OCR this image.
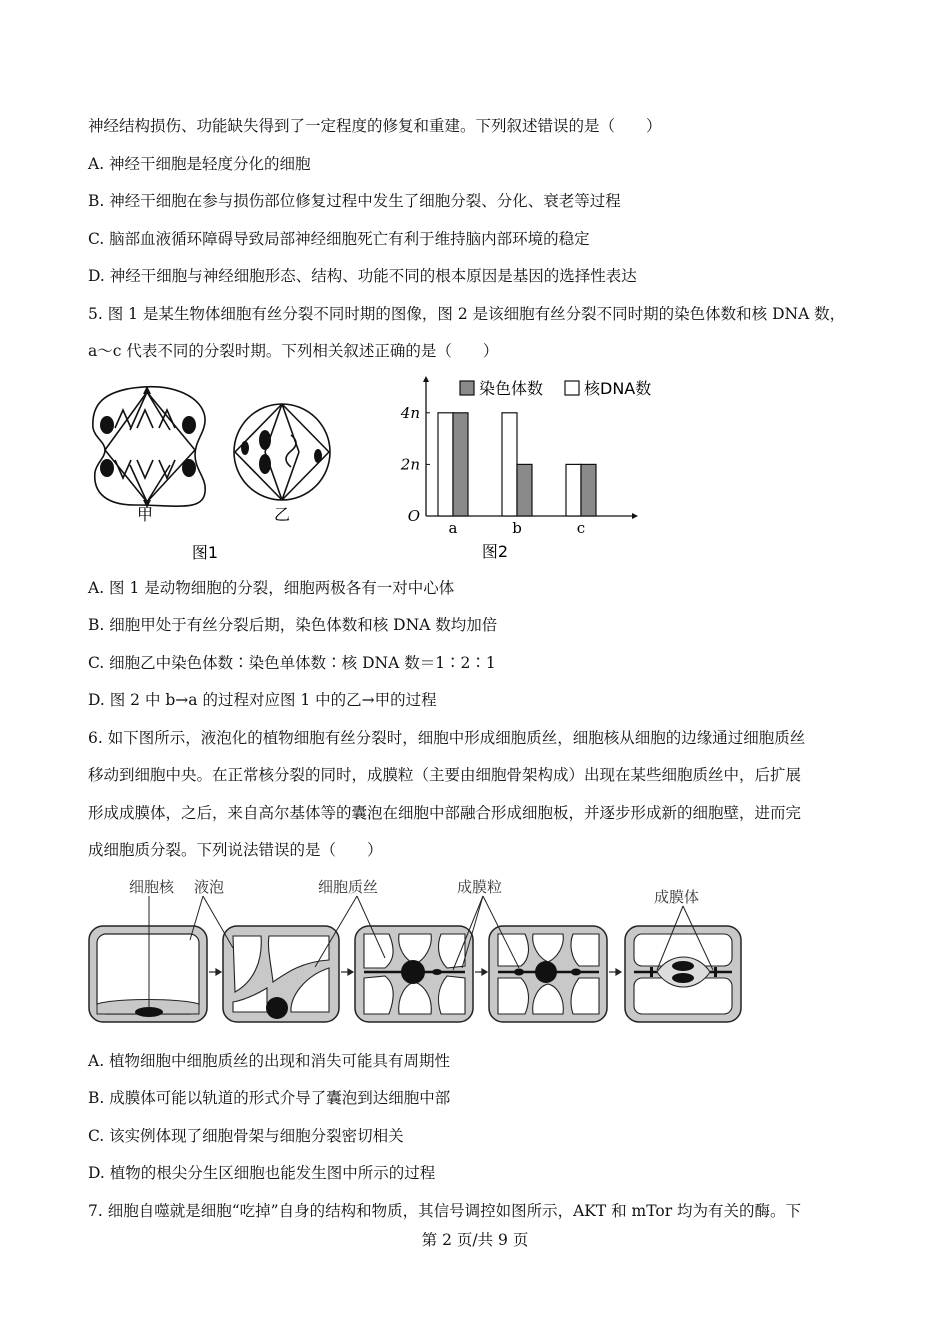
神经结构损伤、功能缺失得到了一定程度的修复和重建。下列叙述错误的是（　　）
A. 神经干细胞是轻度分化的细胞
B. 神经干细胞在参与损伤部位修复过程中发生了细胞分裂、分化、衰老等过程
C. 脑部血液循环障碍导致局部神经细胞死亡有利于维持脑内部环境的稳定
D. 神经干细胞与神经细胞形态、结构、功能不同的根本原因是基因的选择性表达
5. 图 1 是某生物体细胞有丝分裂不同时期的图像，图 2 是该细胞有丝分裂不同时期的染色体数和核 DNA 数，
a～c 代表不同的分裂时期。下列相关叙述正确的是（　　）
甲	乙
图1
O
2n
4n
a	b	c
染色体数	核DNA数
图2
A. 图 1 是动物细胞的分裂，细胞两极各有一对中心体
B. 细胞甲处于有丝分裂后期，染色体数和核 DNA 数均加倍
C. 细胞乙中染色体数∶染色单体数∶核 DNA 数＝1∶2∶1
D. 图 2 中 b→a 的过程对应图 1 中的乙→甲的过程
6. 如下图所示，液泡化的植物细胞有丝分裂时，细胞中形成细胞质丝，细胞核从细胞的边缘通过细胞质丝
移动到细胞中央。在正常核分裂的同时，成膜粒（主要由细胞骨架构成）出现在某些细胞质丝中，后扩展
形成成膜体，之后，来自高尔基体等的囊泡在细胞中部融合形成细胞板，并逐步形成新的细胞壁，进而完
成细胞质分裂。下列说法错误的是（　　）
细胞核 液泡	细胞质丝	成膜粒
成膜体
A. 植物细胞中细胞质丝的出现和消失可能具有周期性
B. 成膜体可能以轨道的形式介导了囊泡到达细胞中部
C. 该实例体现了细胞骨架与细胞分裂密切相关
D. 植物的根尖分生区细胞也能发生图中所示的过程
7. 细胞自噬就是细胞“吃掉”自身的结构和物质，其信号调控如图所示，AKT 和 mTor 均为有关的酶。下
第 2 页/共 9 页
